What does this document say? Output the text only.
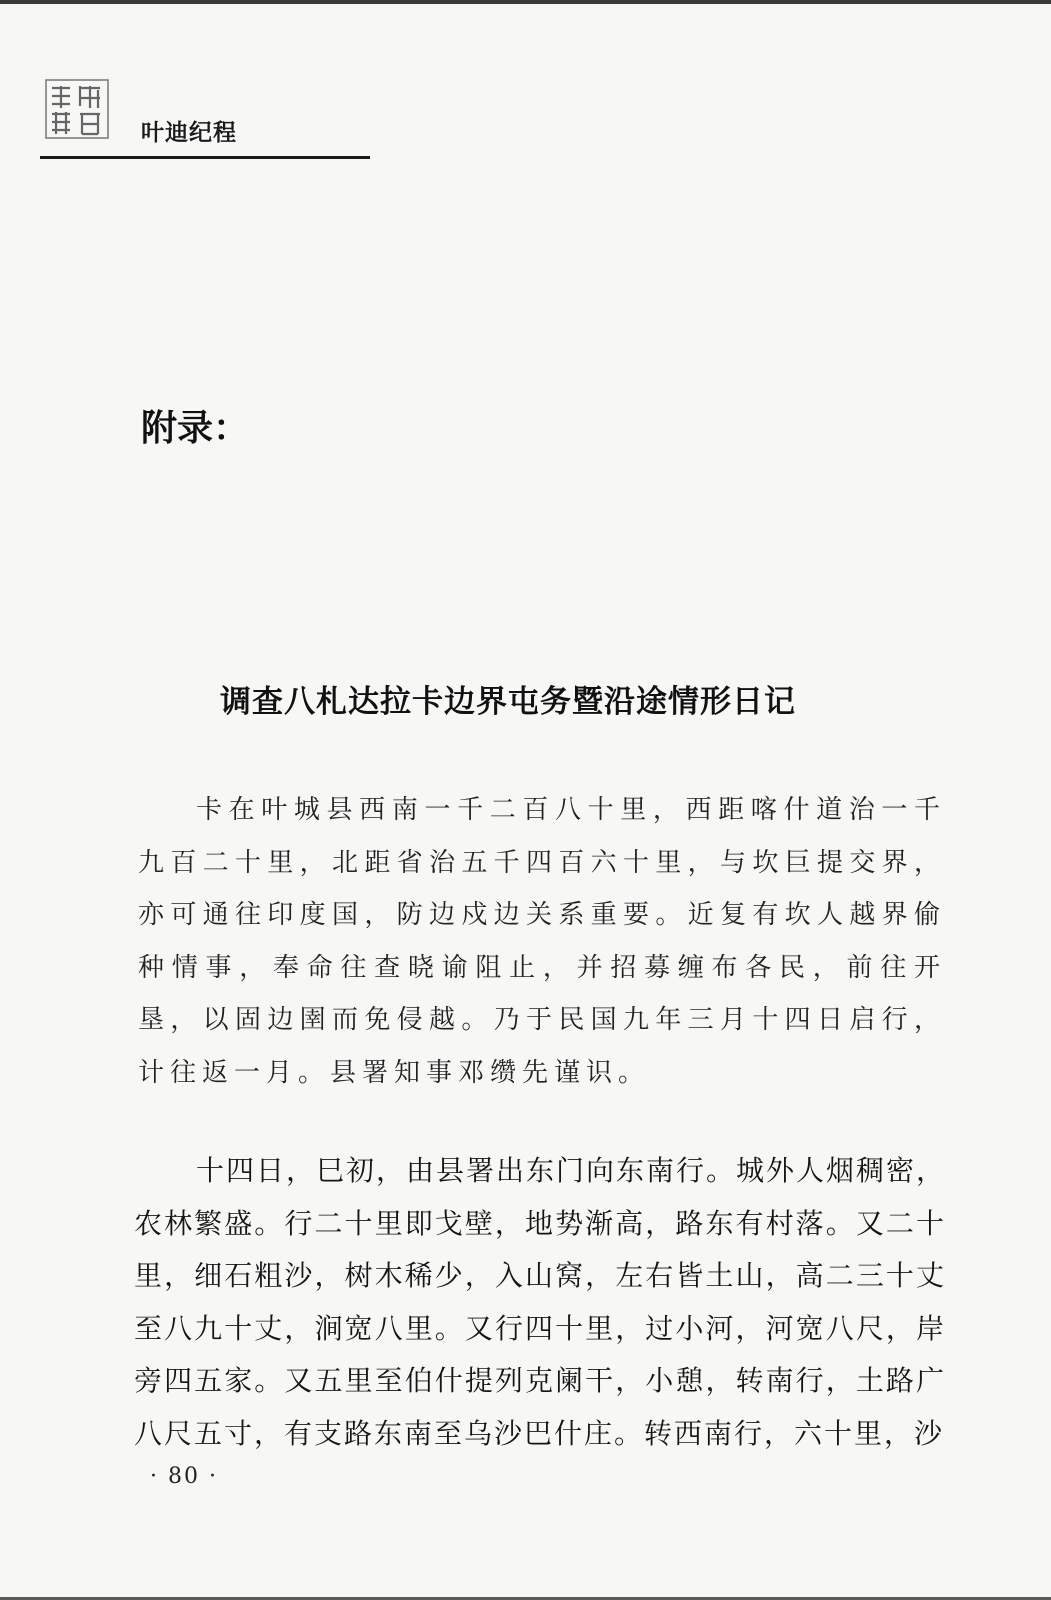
叶迪纪程
附录：
调查八札达拉卡边界屯务暨沿途情形日记

卡在叶城县西南一千二百八十里，西距喀什道治一千九百二十里，北距省治五千四百六十里，与坎巨提交界，亦可通往印度国，防边戍边关系重要。近复有坎人越界偷种情事，奉命往查晓谕阻止，并招募缠布各民，前往开垦，以固边圉而免侵越。乃于民国九年三月十四日启行，计往返一月。县署知事邓缵先谨识。

十四日，巳初，由县署出东门向东南行。城外人烟稠密，农林繁盛。行二十里即戈壁，地势渐高，路东有村落。又二十里，细石粗沙，树木稀少，入山窝，左右皆土山，高二三十丈至八九十丈，涧宽八里。又行四十里，过小河，河宽八尺，岸旁四五家。又五里至伯什提列克阑干，小憩，转南行，土路广八尺五寸，有支路东南至乌沙巴什庄。转西南行，六十里，沙

· 80 ·
